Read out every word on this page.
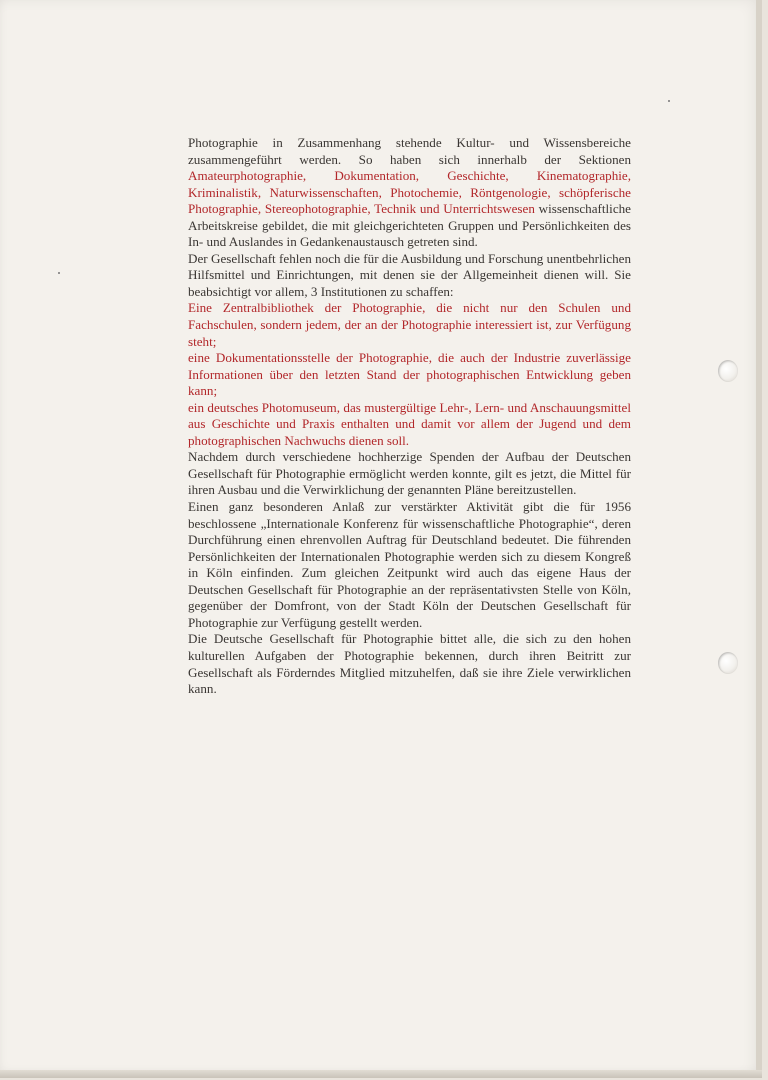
Photographie in Zusammenhang stehende Kultur- und Wissensbereiche zusammengeführt werden. So haben sich innerhalb der Sektionen Amateurphotographie, Dokumentation, Geschichte, Kinematographie, Kriminalistik, Naturwissenschaften, Photochemie, Röntgenologie, schöpferische Photographie, Stereophotographie, Technik und Unterrichtswesen wissenschaftliche Arbeitskreise gebildet, die mit gleichgerichteten Gruppen und Persönlichkeiten des In- und Auslandes in Gedankenaustausch getreten sind.

Der Gesellschaft fehlen noch die für die Ausbildung und Forschung unentbehrlichen Hilfsmittel und Einrichtungen, mit denen sie der Allgemeinheit dienen will. Sie beabsichtigt vor allem, 3 Institutionen zu schaffen:

Eine Zentralbibliothek der Photographie, die nicht nur den Schulen und Fachschulen, sondern jedem, der an der Photographie interessiert ist, zur Verfügung steht;

eine Dokumentationsstelle der Photographie, die auch der Industrie zuverlässige Informationen über den letzten Stand der photographischen Entwicklung geben kann;

ein deutsches Photomuseum, das mustergültige Lehr-, Lern- und Anschauungsmittel aus Geschichte und Praxis enthalten und damit vor allem der Jugend und dem photographischen Nachwuchs dienen soll.

Nachdem durch verschiedene hochherzige Spenden der Aufbau der Deutschen Gesellschaft für Photographie ermöglicht werden konnte, gilt es jetzt, die Mittel für ihren Ausbau und die Verwirklichung der genannten Pläne bereitzustellen.

Einen ganz besonderen Anlaß zur verstärkter Aktivität gibt die für 1956 beschlossene „Internationale Konferenz für wissenschaftliche Photographie“, deren Durchführung einen ehrenvollen Auftrag für Deutschland bedeutet. Die führenden Persönlichkeiten der Internationalen Photographie werden sich zu diesem Kongreß in Köln einfinden. Zum gleichen Zeitpunkt wird auch das eigene Haus der Deutschen Gesellschaft für Photographie an der repräsentativsten Stelle von Köln, gegenüber der Domfront, von der Stadt Köln der Deutschen Gesellschaft für Photographie zur Verfügung gestellt werden.

Die Deutsche Gesellschaft für Photographie bittet alle, die sich zu den hohen kulturellen Aufgaben der Photographie bekennen, durch ihren Beitritt zur Gesellschaft als Förderndes Mitglied mitzuhelfen, daß sie ihre Ziele verwirklichen kann.
